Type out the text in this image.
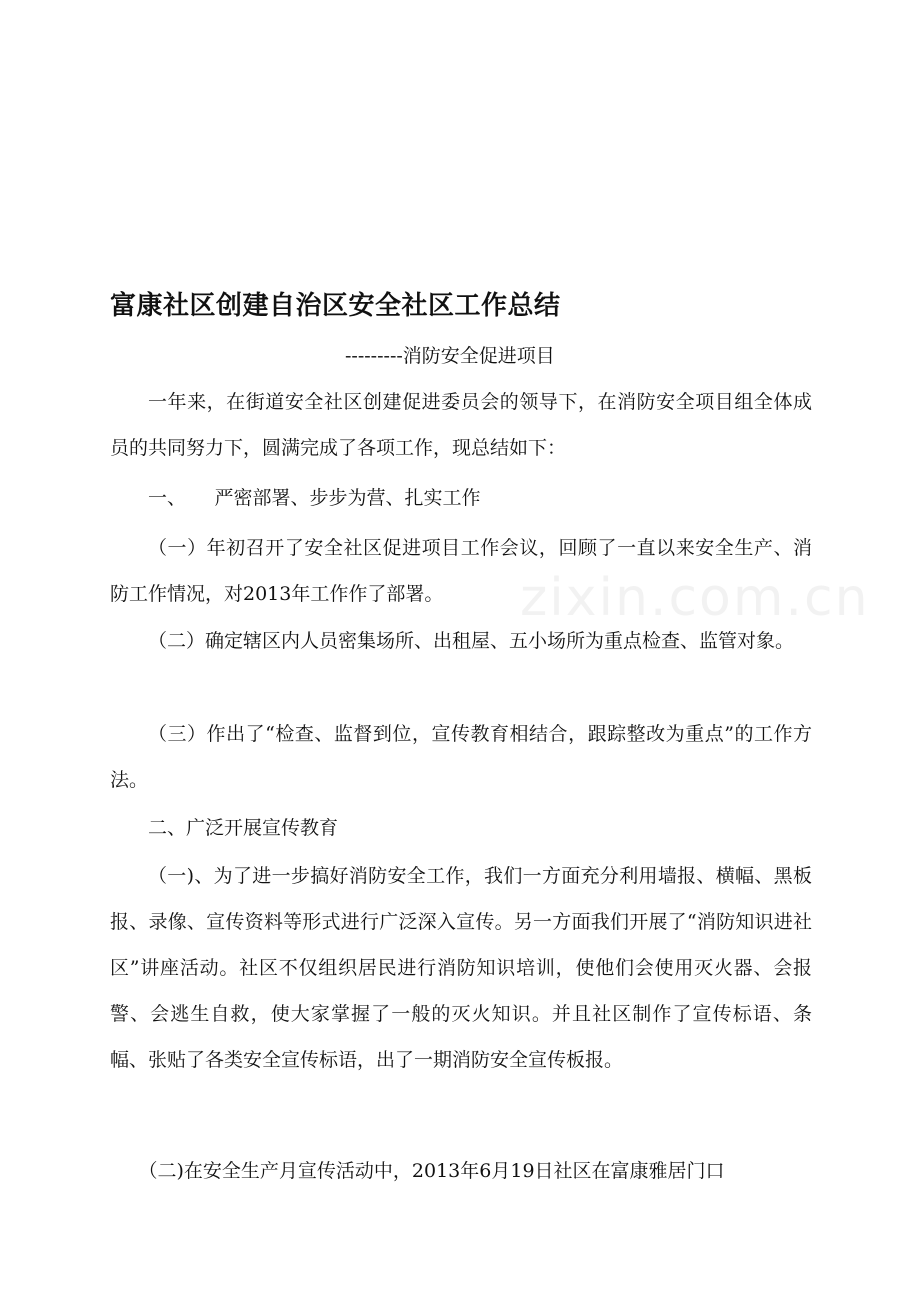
zixin.com.cn
富康社区创建自治区安全社区工作总结
---------消防安全促进项目

一年来，在街道安全社区创建促进委员会的领导下，在消防安全项目组全体成员的共同努力下，圆满完成了各项工作，现总结如下：

一、　　严密部署、步步为营、扎实工作

（一）年初召开了安全社区促进项目工作会议，回顾了一直以来安全生产、消防工作情况，对2013年工作作了部署。

（二）确定辖区内人员密集场所、出租屋、五小场所为重点检查、监管对象。

（三）作出了“检查、监督到位，宣传教育相结合，跟踪整改为重点”的工作方法。

二、广泛开展宣传教育

（一)、为了进一步搞好消防安全工作，我们一方面充分利用墙报、横幅、黑板报、录像、宣传资料等形式进行广泛深入宣传。另一方面我们开展了“消防知识进社区”讲座活动。社区不仅组织居民进行消防知识培训，使他们会使用灭火器、会报警、会逃生自救，使大家掌握了一般的灭火知识。并且社区制作了宣传标语、条幅、张贴了各类安全宣传标语，出了一期消防安全宣传板报。

（二)在安全生产月宣传活动中，2013年6月19日社区在富康雅居门口
